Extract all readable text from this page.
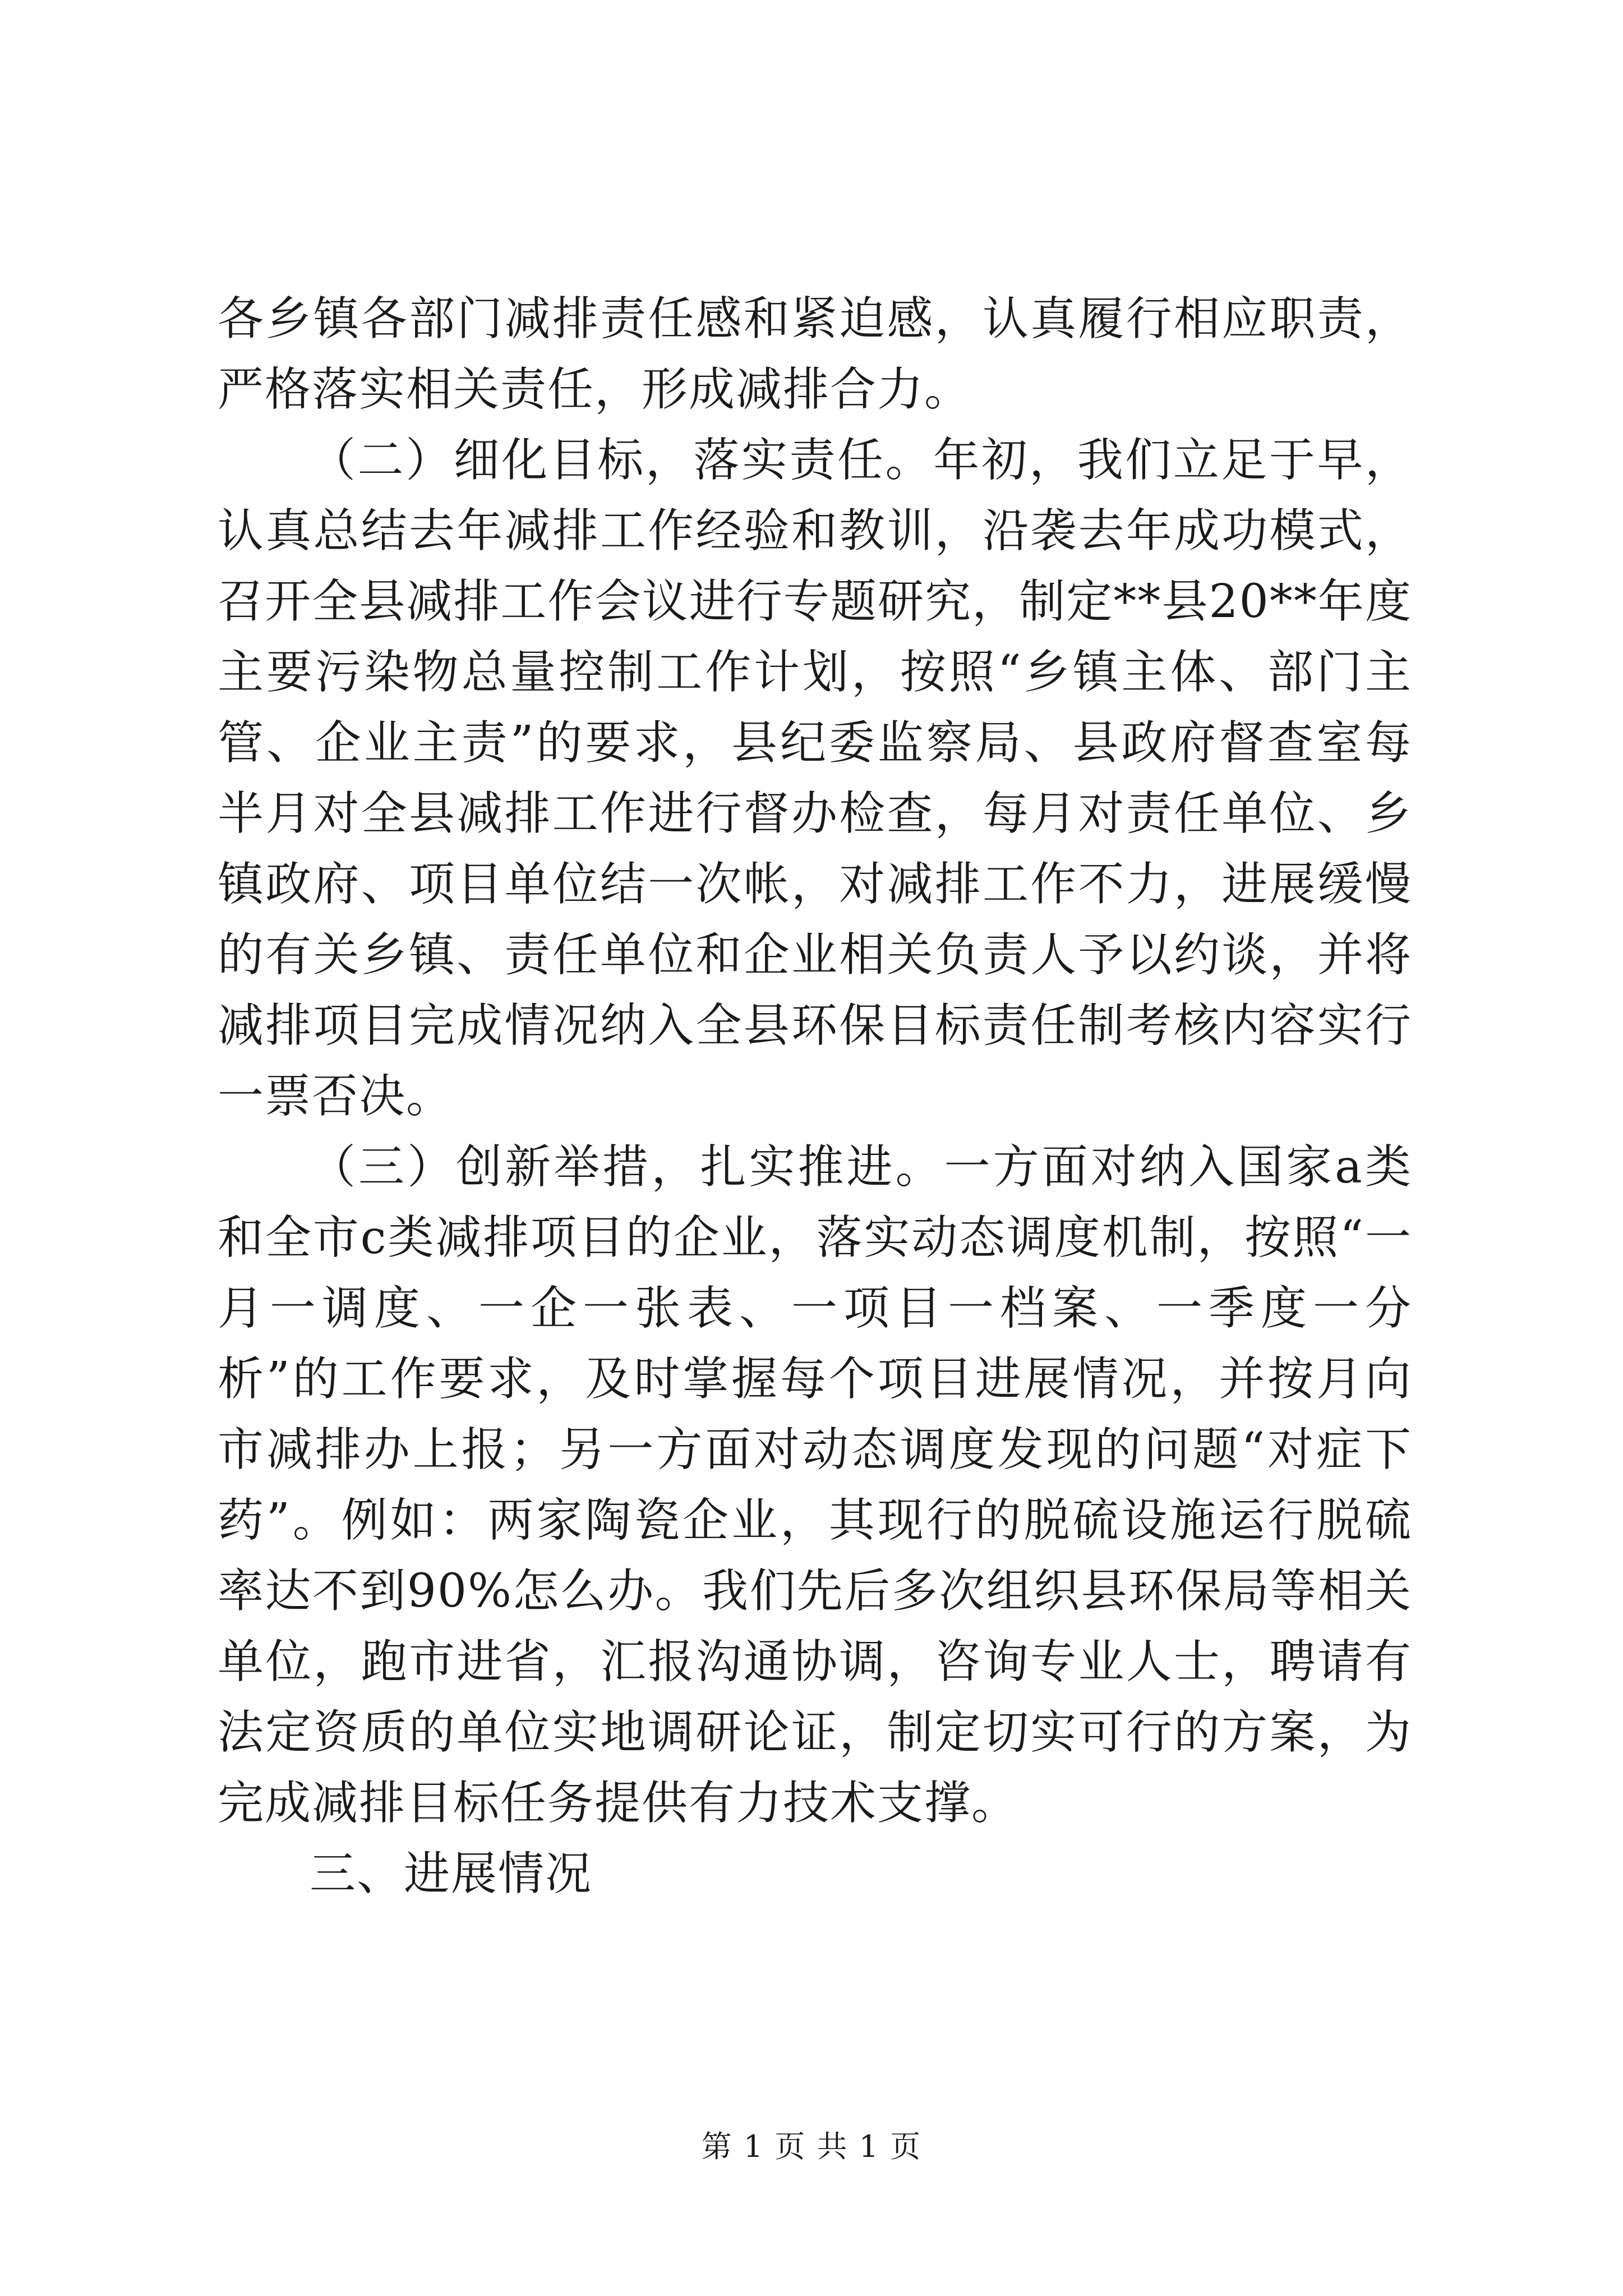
各乡镇各部门减排责任感和紧迫感，认真履行相应职责，严格落实相关责任，形成减排合力。

（二）细化目标，落实责任。年初，我们立足于早，认真总结去年减排工作经验和教训，沿袭去年成功模式，召开全县减排工作会议进行专题研究，制定**县20**年度主要污染物总量控制工作计划，按照“乡镇主体、部门主管、企业主责”的要求，县纪委监察局、县政府督查室每半月对全县减排工作进行督办检查，每月对责任单位、乡镇政府、项目单位结一次帐，对减排工作不力，进展缓慢的有关乡镇、责任单位和企业相关负责人予以约谈，并将减排项目完成情况纳入全县环保目标责任制考核内容实行一票否决。

（三）创新举措，扎实推进。一方面对纳入国家a类和全市c类减排项目的企业，落实动态调度机制，按照“一月一调度、一企一张表、一项目一档案、一季度一分析”的工作要求，及时掌握每个项目进展情况，并按月向市减排办上报；另一方面对动态调度发现的问题“对症下药”。例如：两家陶瓷企业，其现行的脱硫设施运行脱硫率达不到90%怎么办。我们先后多次组织县环保局等相关单位，跑市进省，汇报沟通协调，咨询专业人士，聘请有法定资质的单位实地调研论证，制定切实可行的方案，为完成减排目标任务提供有力技术支撑。

三、进展情况

第 1 页 共 1 页
